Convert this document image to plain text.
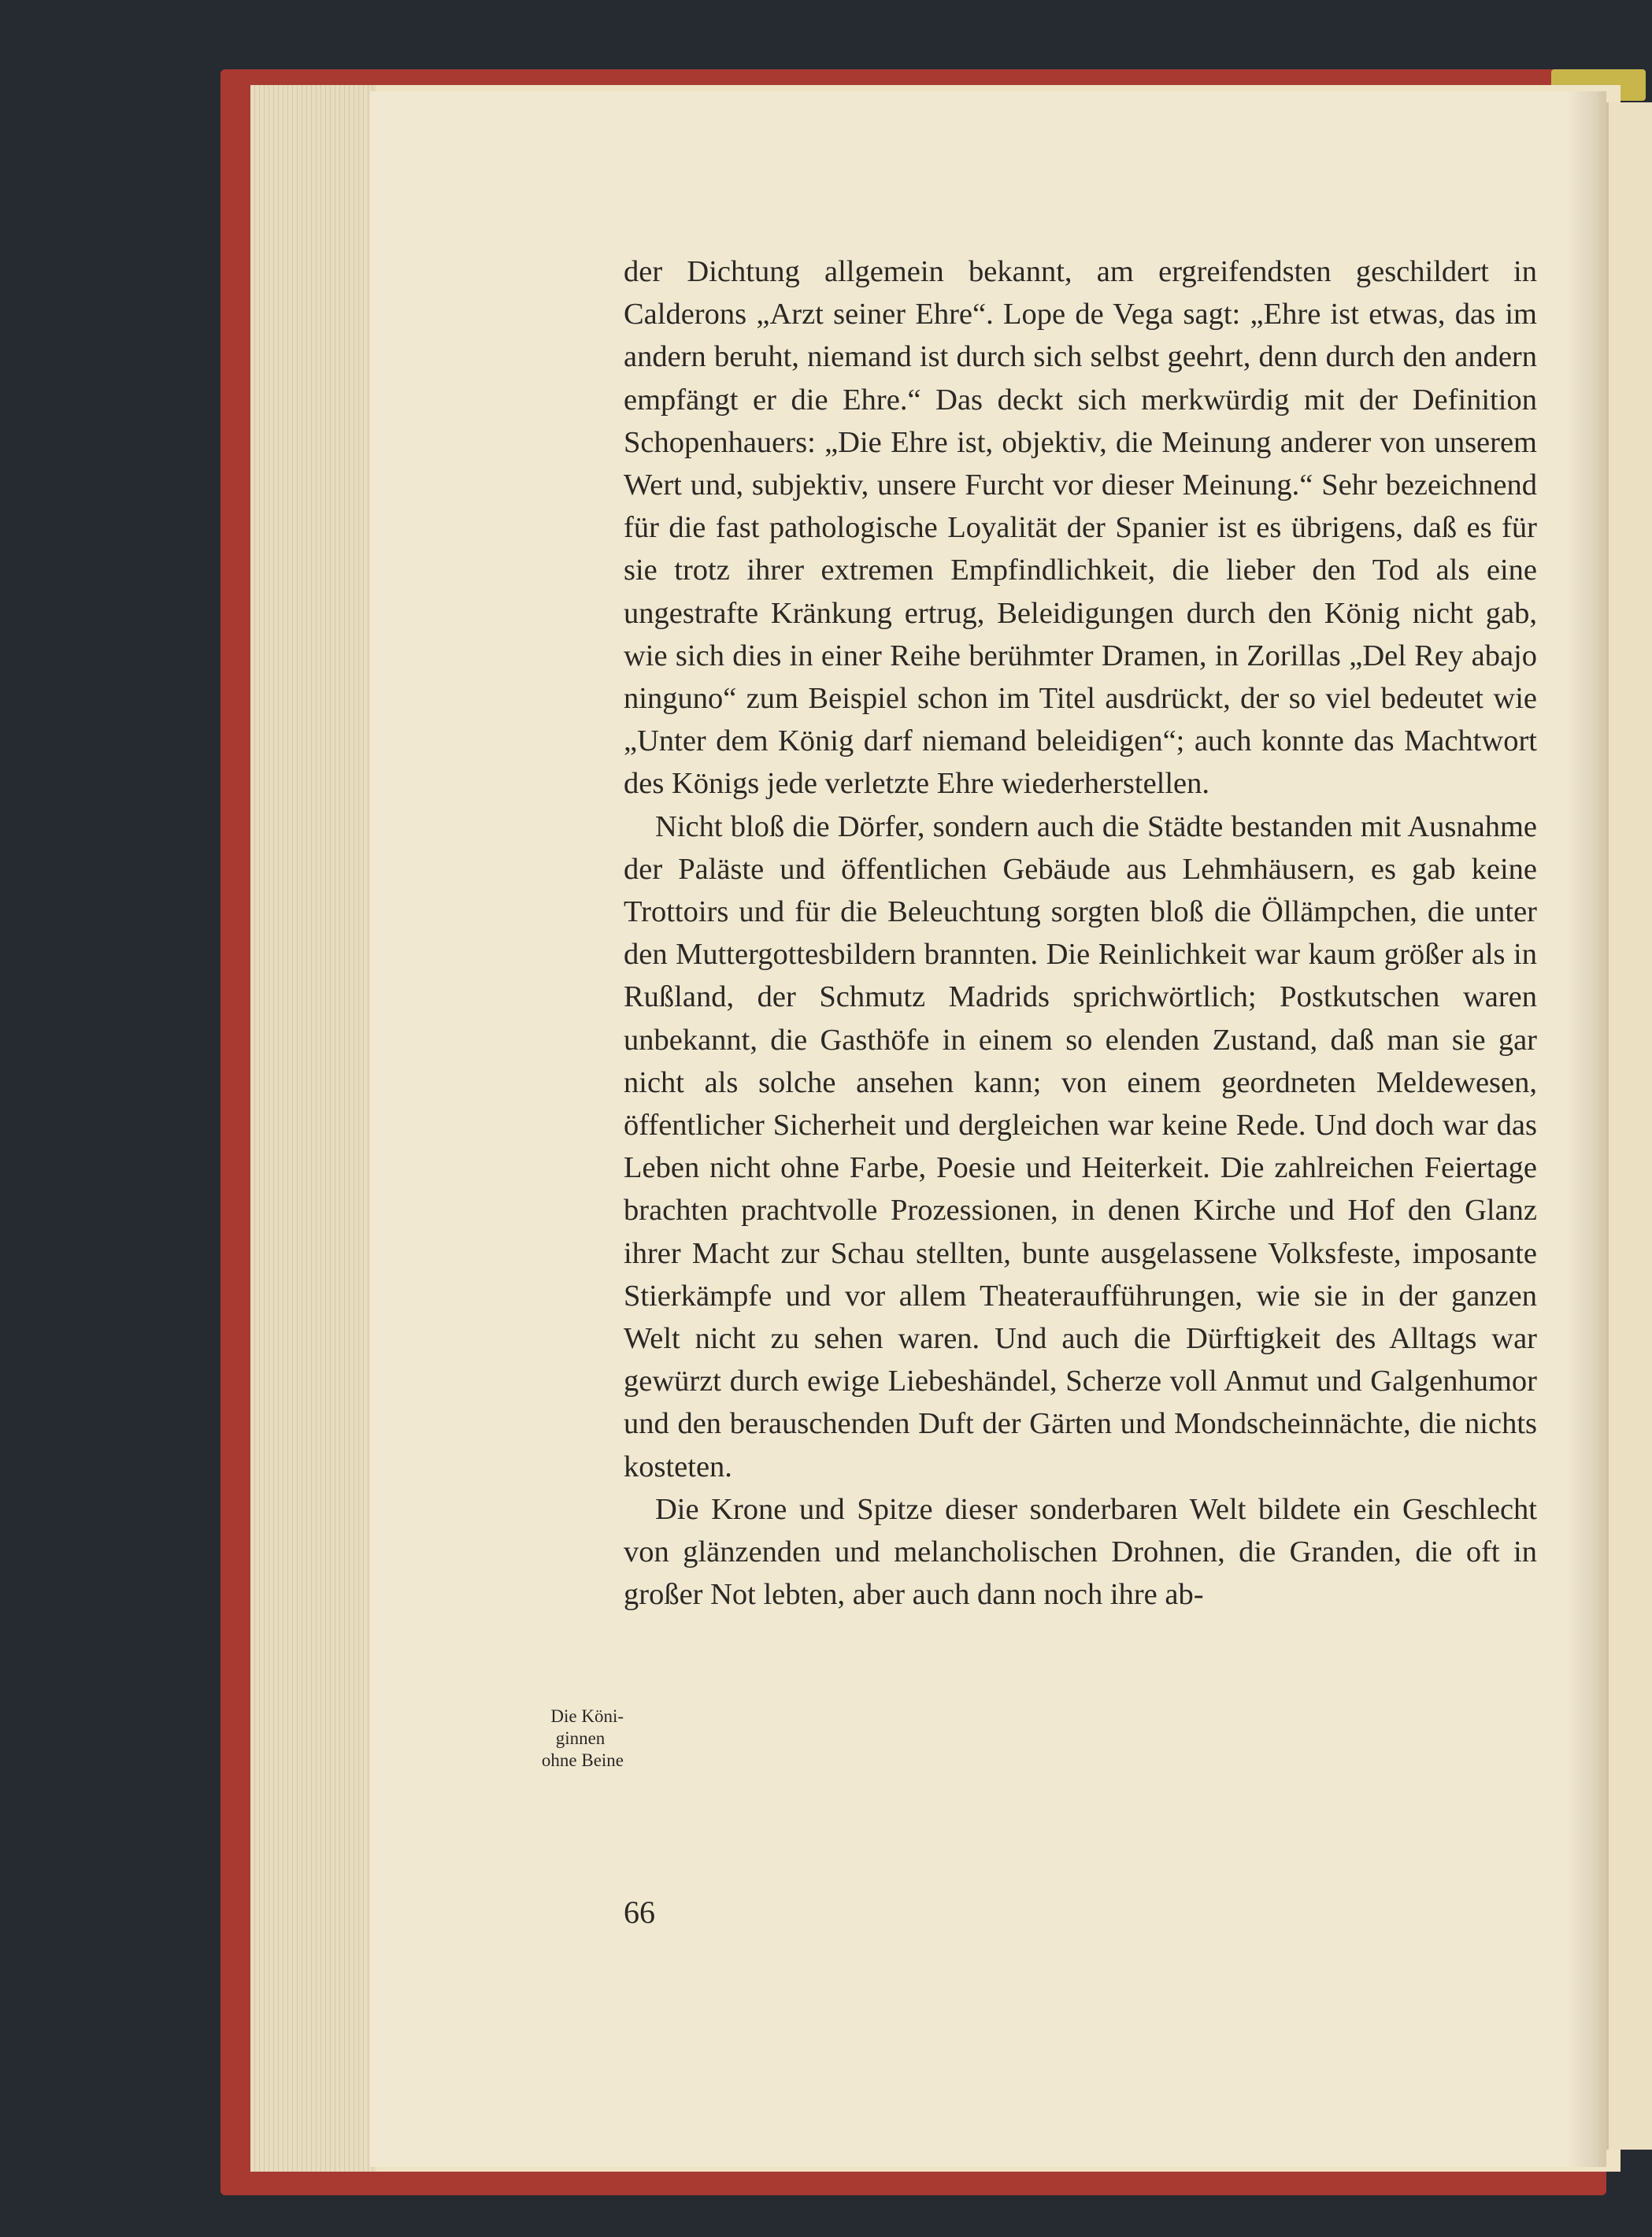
der Dichtung allgemein bekannt, am ergreifendsten geschildert in Calderons „Arzt seiner Ehre“. Lope de Vega sagt: „Ehre ist etwas, das im andern beruht, niemand ist durch sich selbst geehrt, denn durch den andern empfängt er die Ehre.“ Das deckt sich merkwürdig mit der Definition Schopenhauers: „Die Ehre ist, objektiv, die Meinung anderer von unserem Wert und, subjektiv, unsere Furcht vor dieser Meinung.“ Sehr bezeichnend für die fast pathologische Loyalität der Spanier ist es übrigens, daß es für sie trotz ihrer extremen Empfindlichkeit, die lieber den Tod als eine ungestrafte Kränkung ertrug, Beleidigungen durch den König nicht gab, wie sich dies in einer Reihe berühmter Dramen, in Zorillas „Del Rey abajo ninguno“ zum Beispiel schon im Titel ausdrückt, der so viel bedeutet wie „Unter dem König darf niemand beleidigen“; auch konnte das Machtwort des Königs jede verletzte Ehre wiederherstellen.

Nicht bloß die Dörfer, sondern auch die Städte bestanden mit Ausnahme der Paläste und öffentlichen Gebäude aus Lehmhäusern, es gab keine Trottoirs und für die Beleuchtung sorgten bloß die Öllämpchen, die unter den Muttergottesbildern brannten. Die Reinlichkeit war kaum größer als in Rußland, der Schmutz Madrids sprichwörtlich; Postkutschen waren unbekannt, die Gasthöfe in einem so elenden Zustand, daß man sie gar nicht als solche ansehen kann; von einem geordneten Meldewesen, öffentlicher Sicherheit und dergleichen war keine Rede. Und doch war das Leben nicht ohne Farbe, Poesie und Heiterkeit. Die zahlreichen Feiertage brachten prachtvolle Prozessionen, in denen Kirche und Hof den Glanz ihrer Macht zur Schau stellten, bunte ausgelassene Volksfeste, imposante Stierkämpfe und vor allem Theateraufführungen, wie sie in der ganzen Welt nicht zu sehen waren. Und auch die Dürftigkeit des Alltags war gewürzt durch ewige Liebeshändel, Scherze voll Anmut und Galgenhumor und den berauschenden Duft der Gärten und Mondscheinnächte, die nichts kosteten.

Die Krone und Spitze dieser sonderbaren Welt bildete ein Geschlecht von glänzenden und melancholischen Drohnen, die Granden, die oft in großer Not lebten, aber auch dann noch ihre ab-

Die Köni-
ginnen
ohne Beine
66
